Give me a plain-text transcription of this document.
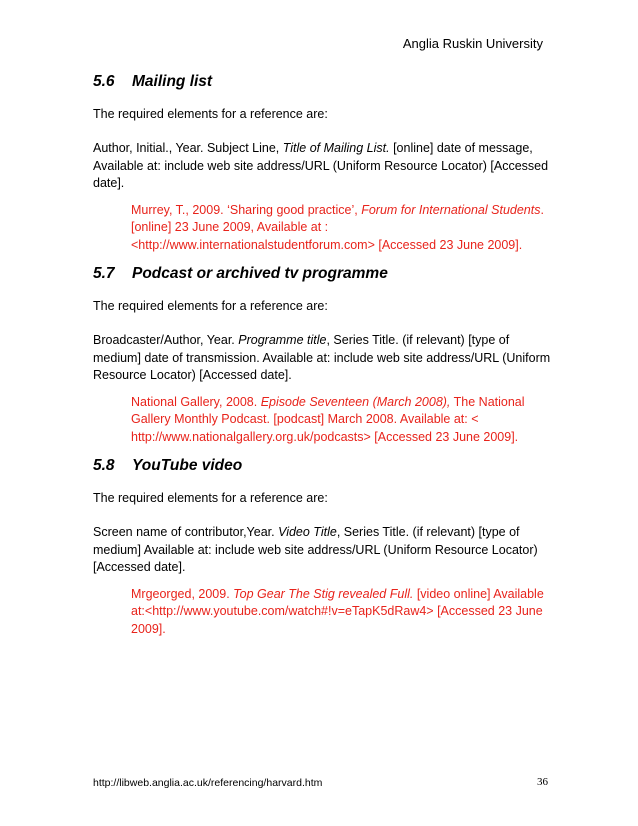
Anglia Ruskin University
5.6 Mailing list

The required elements for a reference are:

Author, Initial., Year. Subject Line, Title of Mailing List. [online] date of message, Available at: include web site address/URL (Uniform Resource Locator) [Accessed date].

Murrey, T., 2009. ‘Sharing good practice’, Forum for International Students. [online] 23 June 2009, Available at : <http://www.internationalstudentforum.com> [Accessed 23 June 2009].

5.7 Podcast or archived tv programme

The required elements for a reference are:

Broadcaster/Author, Year. Programme title, Series Title. (if relevant) [type of medium] date of transmission. Available at: include web site address/URL (Uniform Resource Locator) [Accessed date].

National Gallery, 2008. Episode Seventeen (March 2008), The National Gallery Monthly Podcast. [podcast] March 2008. Available at: < http://www.nationalgallery.org.uk/podcasts> [Accessed 23 June 2009].

5.8 YouTube video

The required elements for a reference are:

Screen name of contributor,Year. Video Title, Series Title. (if relevant) [type of medium] Available at: include web site address/URL (Uniform Resource Locator) [Accessed date].

Mrgeorged, 2009. Top Gear The Stig revealed Full. [video online] Available at:<http://www.youtube.com/watch#!v=eTapK5dRaw4> [Accessed 23 June 2009].

http://libweb.anglia.ac.uk/referencing/harvard.htm	36
